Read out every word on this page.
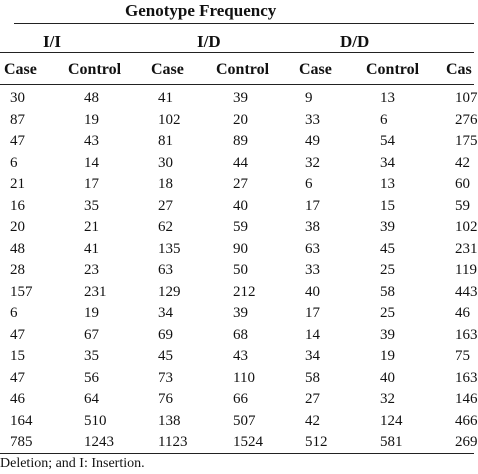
Genotype Frequency
I/I	I/D	D/D
Case Control Case Control Case Control Cas
30	48	41	39	9	13	107
87	19	102	20	33	6	276
47	43	81	89	49	54	175
6	14	30	44	32	34	42
21	17	18	27	6	13	60
16	35	27	40	17	15	59
20	21	62	59	38	39	102
48	41	135	90	63	45	231
28	23	63	50	33	25	119
157	231	129	212	40	58	443
6	19	34	39	17	25	46
47	67	69	68	14	39	163
15	35	45	43	34	19	75
47	56	73	110	58	40	163
46	64	76	66	27	32	146
164	510	138	507	42	124	466
785	1243	1123	1524	512	581	269
Deletion; and I: Insertion.
